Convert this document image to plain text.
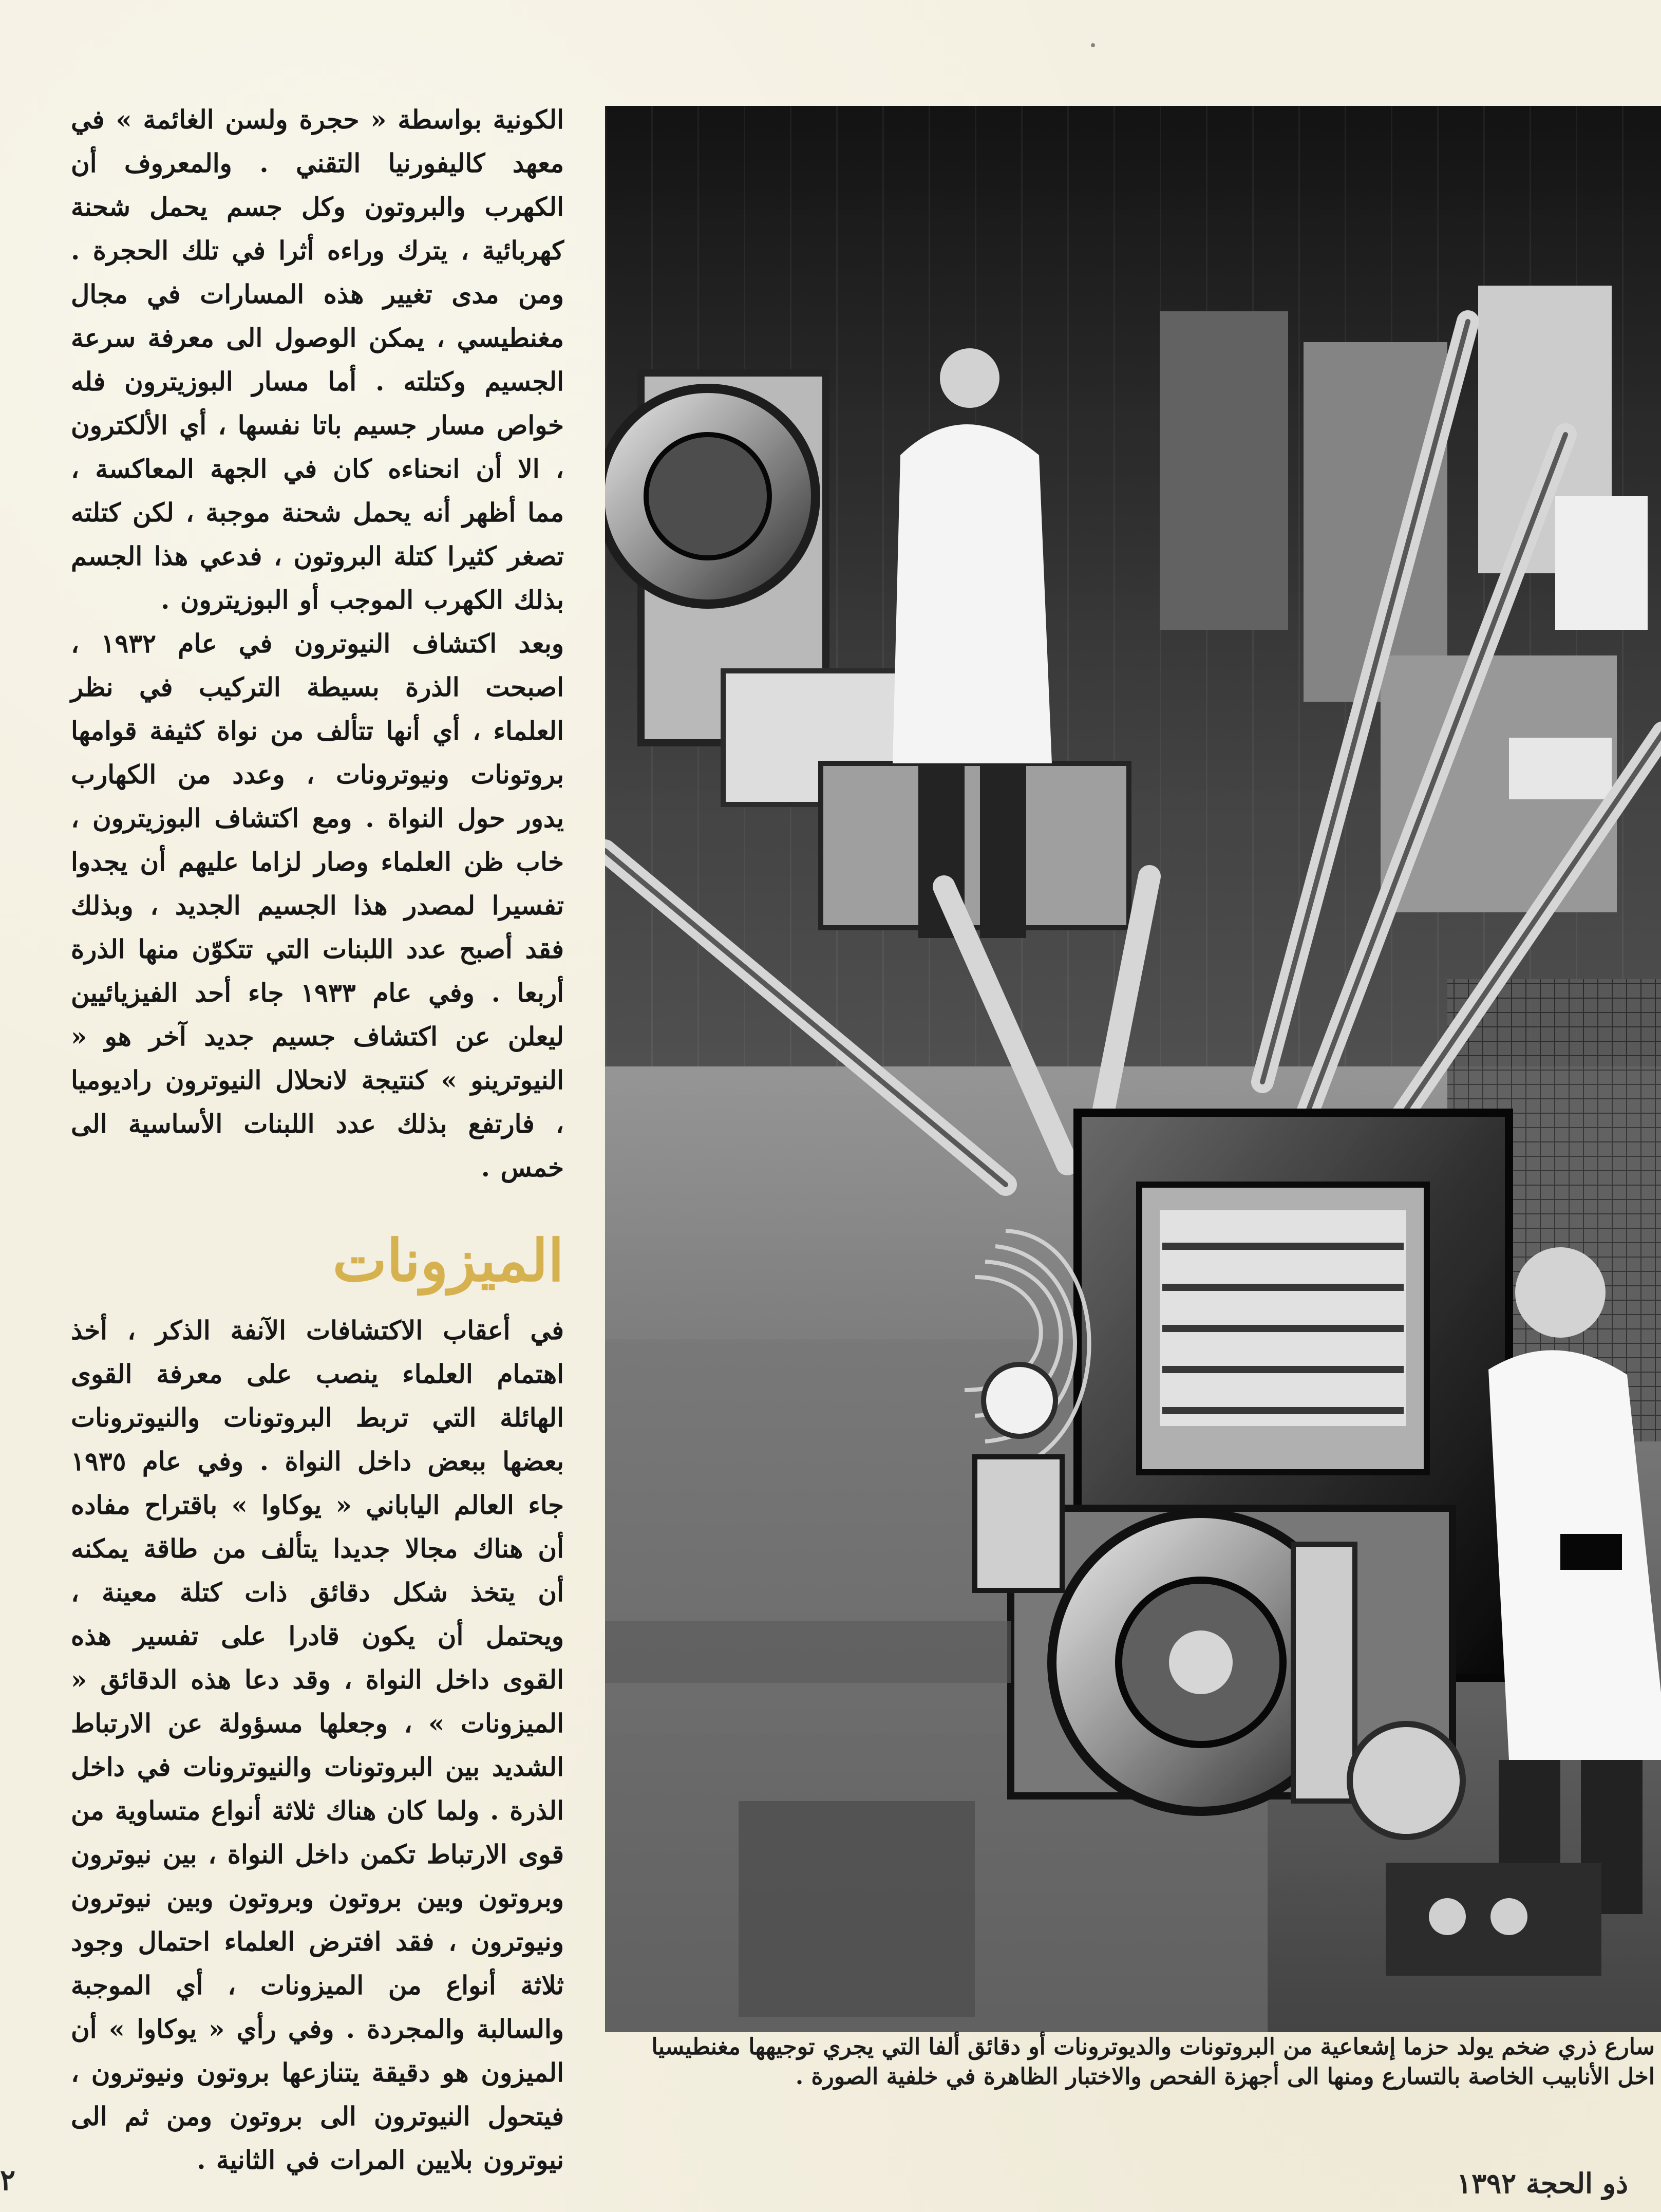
الكونية بواسطة « حجرة ولسن الغائمة » في معهد كاليفورنيا التقني . والمعروف أن الكهرب والبروتون وكل جسم يحمل شحنة كهربائية ، يترك وراءه أثرا في تلك الحجرة . ومن مدى تغيير هذه المسارات في مجال مغنطيسي ، يمكن الوصول الى معرفة سرعة الجسيم وكتلته . أما مسار البوزيترون فله خواص مسار جسيم باتا نفسها ، أي الألكترون ، الا أن انحناءه كان في الجهة المعاكسة ، مما أظهر أنه يحمل شحنة موجبة ، لكن كتلته تصغر كثيرا كتلة البروتون ، فدعي هذا الجسم بذلك الكهرب الموجب أو البوزيترون .

وبعد اكتشاف النيوترون في عام ١٩٣٢ ، اصبحت الذرة بسيطة التركيب في نظر العلماء ، أي أنها تتألف من نواة كثيفة قوامها بروتونات ونيوترونات ، وعدد من الكهارب يدور حول النواة . ومع اكتشاف البوزيترون ، خاب ظن العلماء وصار لزاما عليهم أن يجدوا تفسيرا لمصدر هذا الجسيم الجديد ، وبذلك فقد أصبح عدد اللبنات التي تتكوّن منها الذرة أربعا . وفي عام ١٩٣٣ جاء أحد الفيزيائيين ليعلن عن اكتشاف جسيم جديد آخر هو « النيوترينو » كنتيجة لانحلال النيوترون راديوميا ، فارتفع بذلك عدد اللبنات الأساسية الى خمس .

الميزونات

في أعقاب الاكتشافات الآنفة الذكر ، أخذ اهتمام العلماء ينصب على معرفة القوى الهائلة التي تربط البروتونات والنيوترونات بعضها ببعض داخل النواة . وفي عام ١٩٣٥ جاء العالم الياباني « يوكاوا » باقتراح مفاده أن هناك مجالا جديدا يتألف من طاقة يمكنه أن يتخذ شكل دقائق ذات كتلة معينة ، ويحتمل أن يكون قادرا على تفسير هذه القوى داخل النواة ، وقد دعا هذه الدقائق « الميزونات » ، وجعلها مسؤولة عن الارتباط الشديد بين البروتونات والنيوترونات في داخل الذرة . ولما كان هناك ثلاثة أنواع متساوية من قوى الارتباط تكمن داخل النواة ، بين نيوترون وبروتون وبين بروتون وبروتون وبين نيوترون ونيوترون ، فقد افترض العلماء احتمال وجود ثلاثة أنواع من الميزونات ، أي الموجبة والسالبة والمجردة . وفي رأي « يوكاوا » أن الميزون هو دقيقة يتنازعها بروتون ونيوترون ، فيتحول النيوترون الى بروتون ومن ثم الى نيوترون بلايين المرات في الثانية .

سارع ذري ضخم يولد حزما إشعاعية من البروتونات والديوترونات أو دقائق ألفا التي يجري توجيهها مغنطيسيا
اخل الأنابيب الخاصة بالتسارع ومنها الى أجهزة الفحص والاختبار الظاهرة في خلفية الصورة .
ذو الحجة ١٣٩٢
٢
